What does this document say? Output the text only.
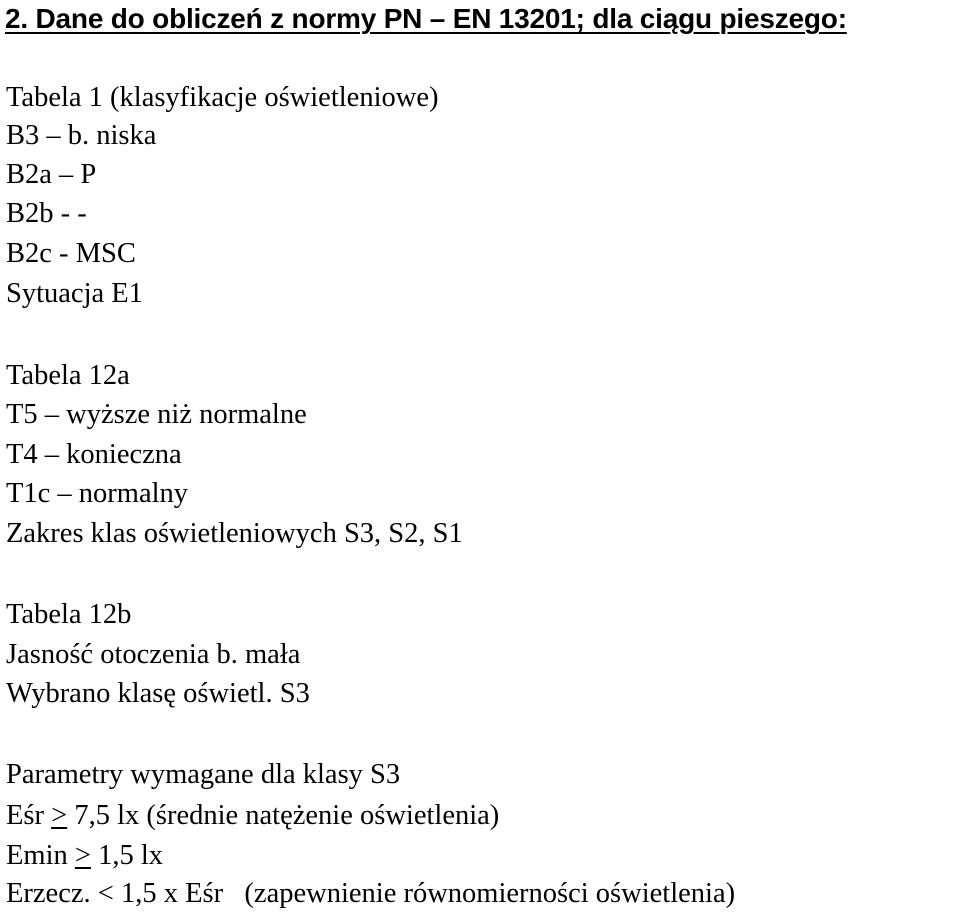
2. Dane do obliczeń z normy PN – EN 13201; dla ciągu pieszego:
Tabela 1 (klasyfikacje oświetleniowe)
B3 – b. niska
B2a – P
B2b - -
B2c - MSC
Sytuacja E1
Tabela 12a
T5 – wyższe niż normalne
T4 – konieczna
T1c – normalny
Zakres klas oświetleniowych S3, S2, S1
Tabela 12b
Jasność otoczenia b. mała
Wybrano klasę oświetl. S3
Parametry wymagane dla klasy S3
Eśr ≥ 7,5 lx (średnie natężenie oświetlenia)
Emin ≥ 1,5 lx
Erzecz. < 1,5 x Eśr   (zapewnienie równomierności oświetlenia)
